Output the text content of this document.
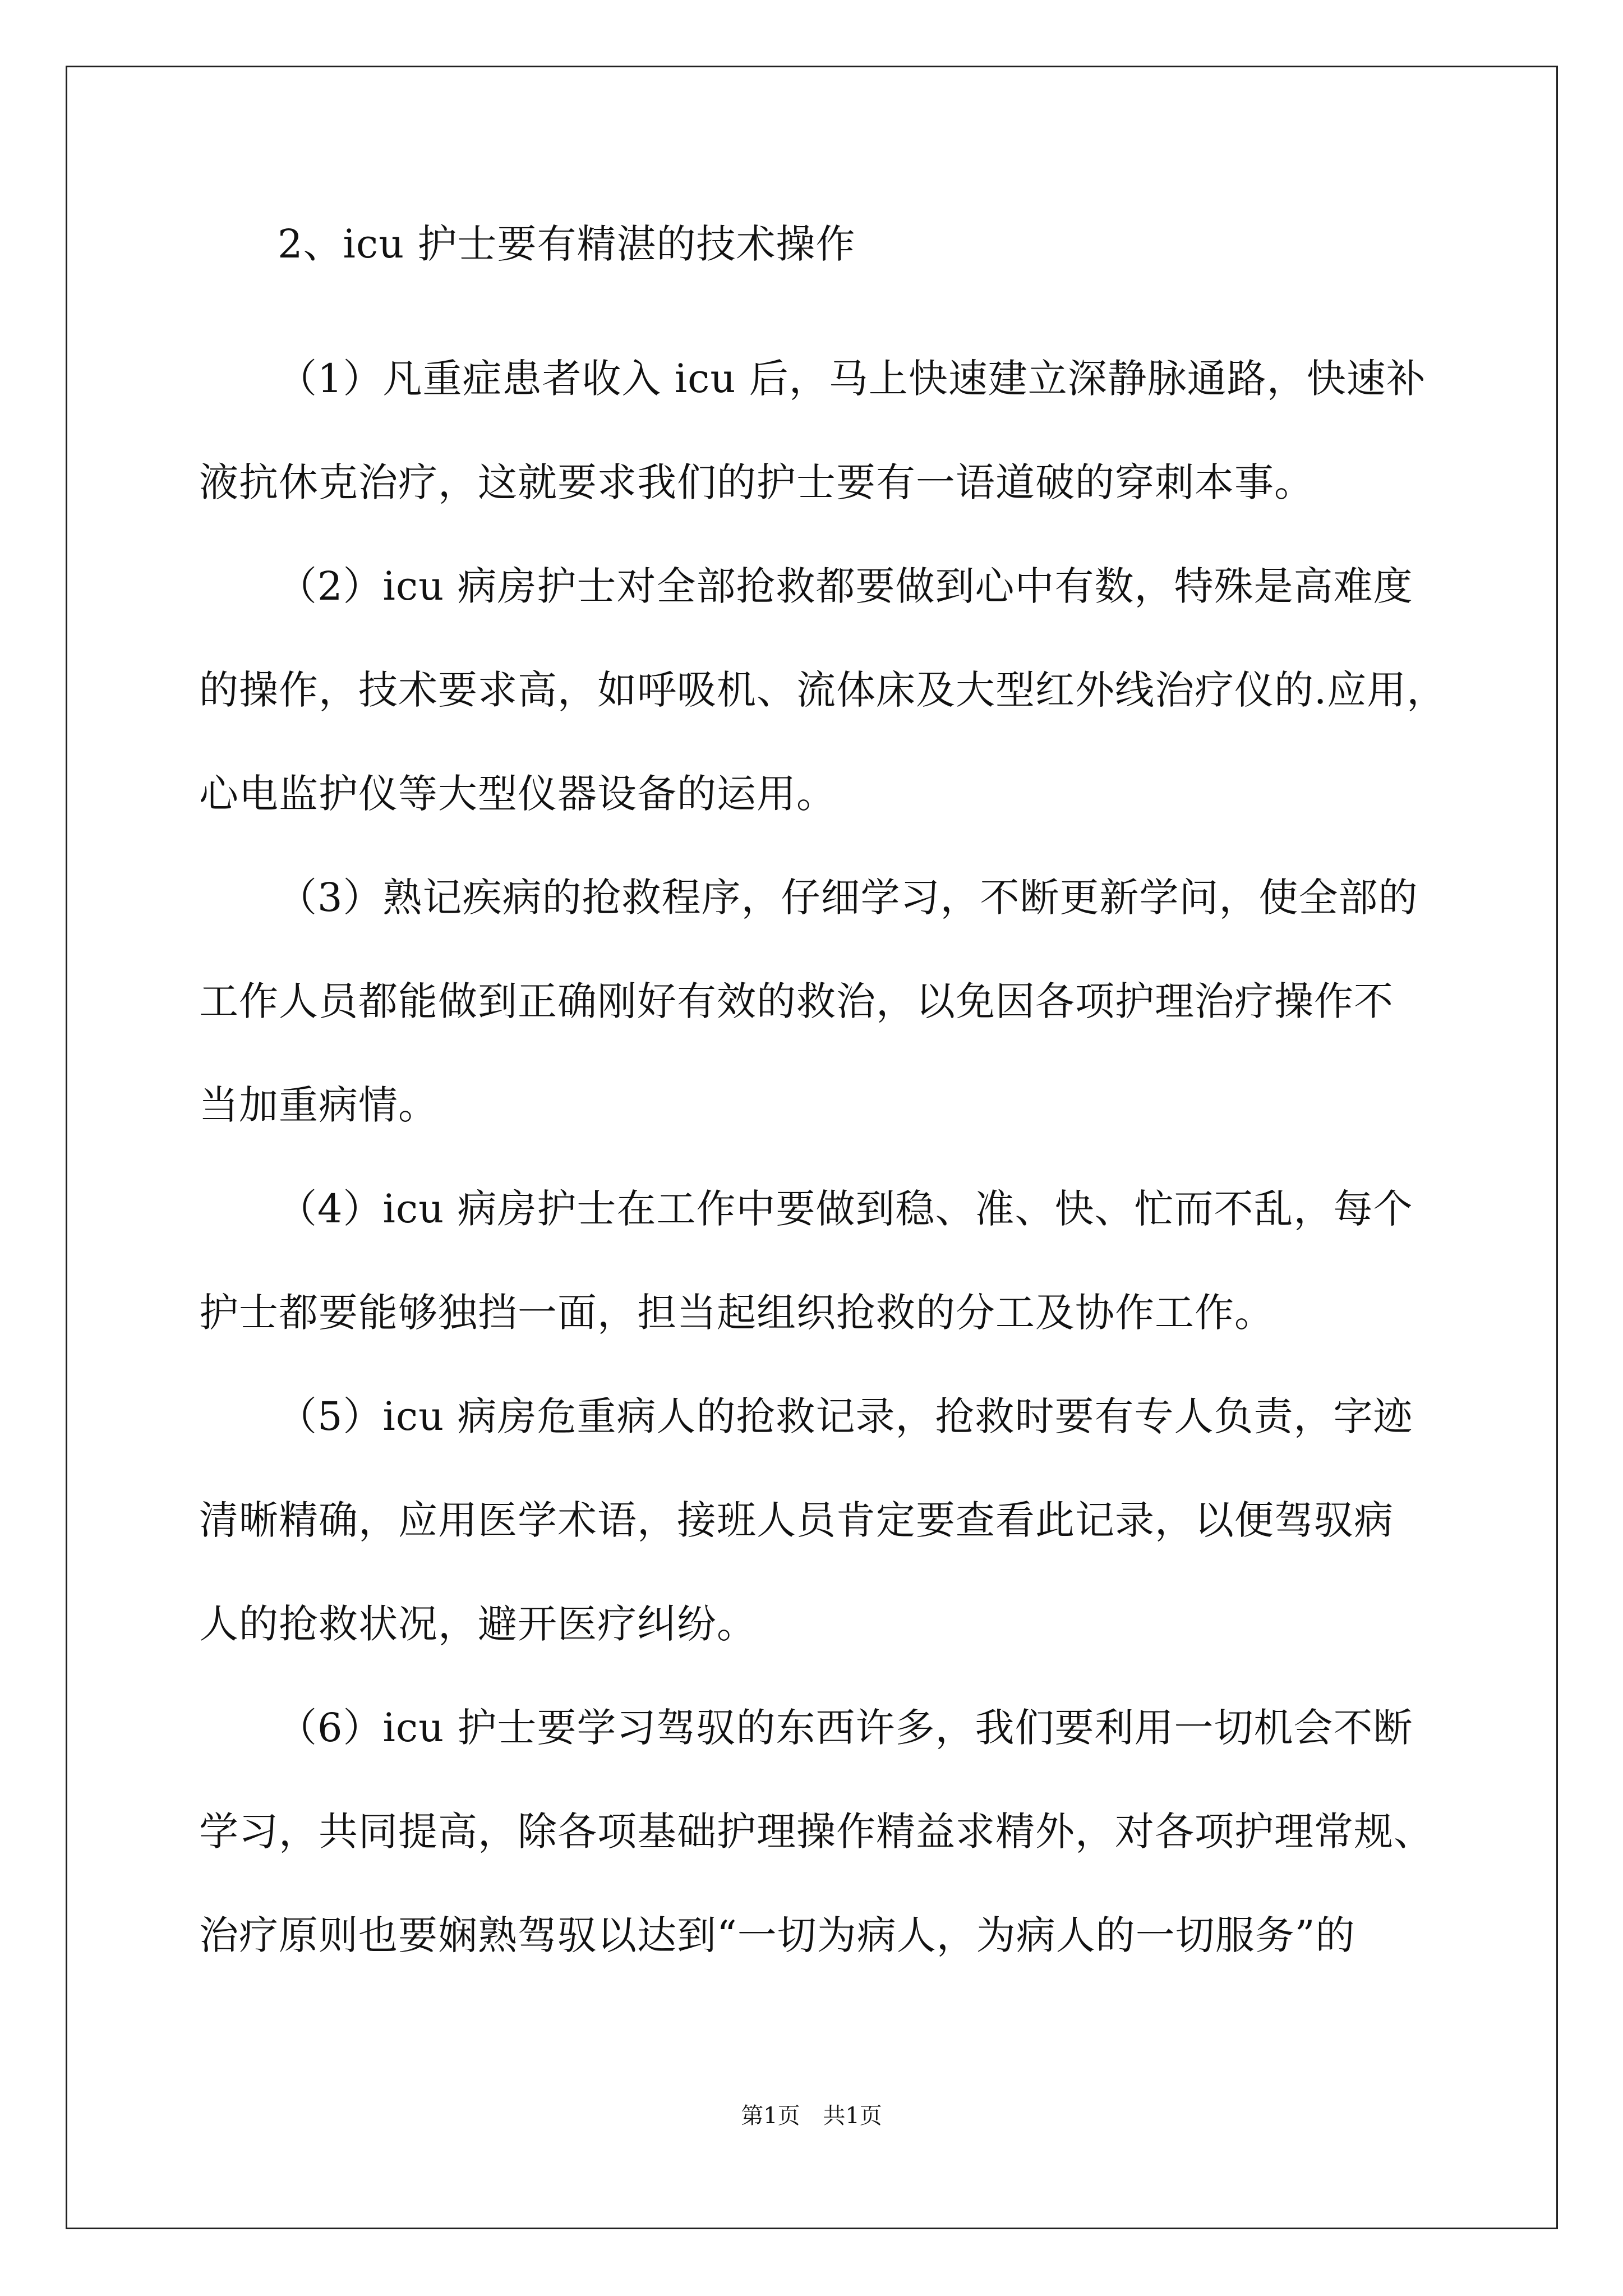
2、icu 护士要有精湛的技术操作

（1）凡重症患者收入 icu 后，马上快速建立深静脉通路，快速补

液抗休克治疗，这就要求我们的护士要有一语道破的穿刺本事。

（2）icu 病房护士对全部抢救都要做到心中有数，特殊是高难度

的操作，技术要求高，如呼吸机、流体床及大型红外线治疗仪的.应用，

心电监护仪等大型仪器设备的运用。

（3）熟记疾病的抢救程序，仔细学习，不断更新学问，使全部的

工作人员都能做到正确刚好有效的救治，以免因各项护理治疗操作不

当加重病情。

（4）icu 病房护士在工作中要做到稳、准、快、忙而不乱，每个

护士都要能够独挡一面，担当起组织抢救的分工及协作工作。

（5）icu 病房危重病人的抢救记录，抢救时要有专人负责，字迹

清晰精确，应用医学术语，接班人员肯定要查看此记录，以便驾驭病

人的抢救状况，避开医疗纠纷。

（6）icu 护士要学习驾驭的东西许多，我们要利用一切机会不断

学习，共同提高，除各项基础护理操作精益求精外，对各项护理常规、

治疗原则也要娴熟驾驭以达到“一切为病人，为病人的一切服务”的

第1页 共1页
